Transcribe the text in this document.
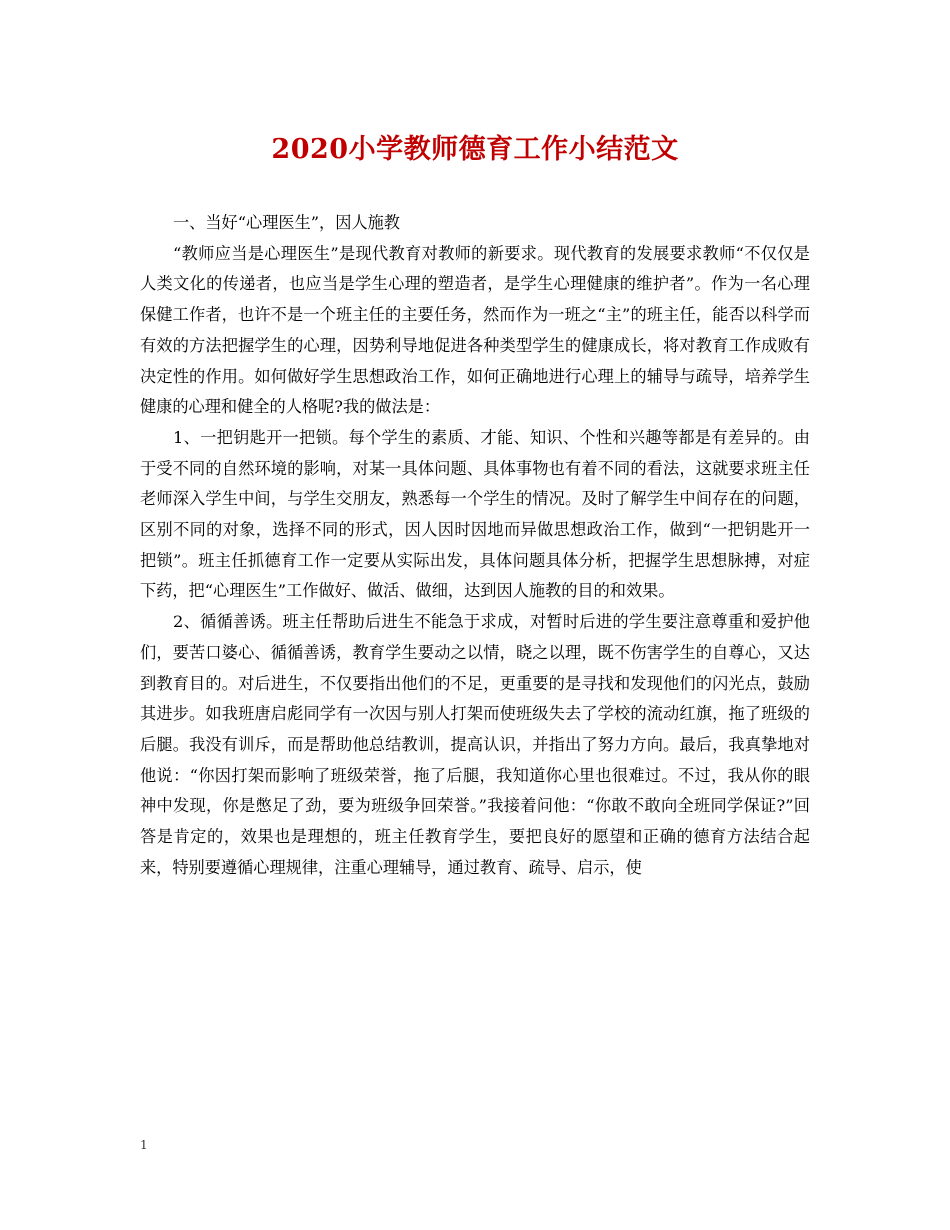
2020小学教师德育工作小结范文

一、当好“心理医生”，因人施教

“教师应当是心理医生”是现代教育对教师的新要求。现代教育的发展要求教师“不仅仅是人类文化的传递者，也应当是学生心理的塑造者，是学生心理健康的维护者”。作为一名心理保健工作者，也许不是一个班主任的主要任务，然而作为一班之“主”的班主任，能否以科学而有效的方法把握学生的心理，因势利导地促进各种类型学生的健康成长，将对教育工作成败有决定性的作用。如何做好学生思想政治工作，如何正确地进行心理上的辅导与疏导，培养学生健康的心理和健全的人格呢?我的做法是：

1、一把钥匙开一把锁。每个学生的素质、才能、知识、个性和兴趣等都是有差异的。由于受不同的自然环境的影响，对某一具体问题、具体事物也有着不同的看法，这就要求班主任老师深入学生中间，与学生交朋友，熟悉每一个学生的情况。及时了解学生中间存在的问题，区别不同的对象，选择不同的形式，因人因时因地而异做思想政治工作，做到“一把钥匙开一把锁”。班主任抓德育工作一定要从实际出发，具体问题具体分析，把握学生思想脉搏，对症下药，把“心理医生”工作做好、做活、做细，达到因人施教的目的和效果。

2、循循善诱。班主任帮助后进生不能急于求成，对暂时后进的学生要注意尊重和爱护他们，要苦口婆心、循循善诱，教育学生要动之以情，晓之以理，既不伤害学生的自尊心，又达到教育目的。对后进生，不仅要指出他们的不足，更重要的是寻找和发现他们的闪光点，鼓励其进步。如我班唐启彪同学有一次因与别人打架而使班级失去了学校的流动红旗，拖了班级的后腿。我没有训斥，而是帮助他总结教训，提高认识，并指出了努力方向。最后，我真挚地对他说：“你因打架而影响了班级荣誉，拖了后腿，我知道你心里也很难过。不过，我从你的眼神中发现，你是憋足了劲，要为班级争回荣誉。”我接着问他：“你敢不敢向全班同学保证?”回答是肯定的，效果也是理想的，班主任教育学生，要把良好的愿望和正确的德育方法结合起来，特别要遵循心理规律，注重心理辅导，通过教育、疏导、启示，使

1
